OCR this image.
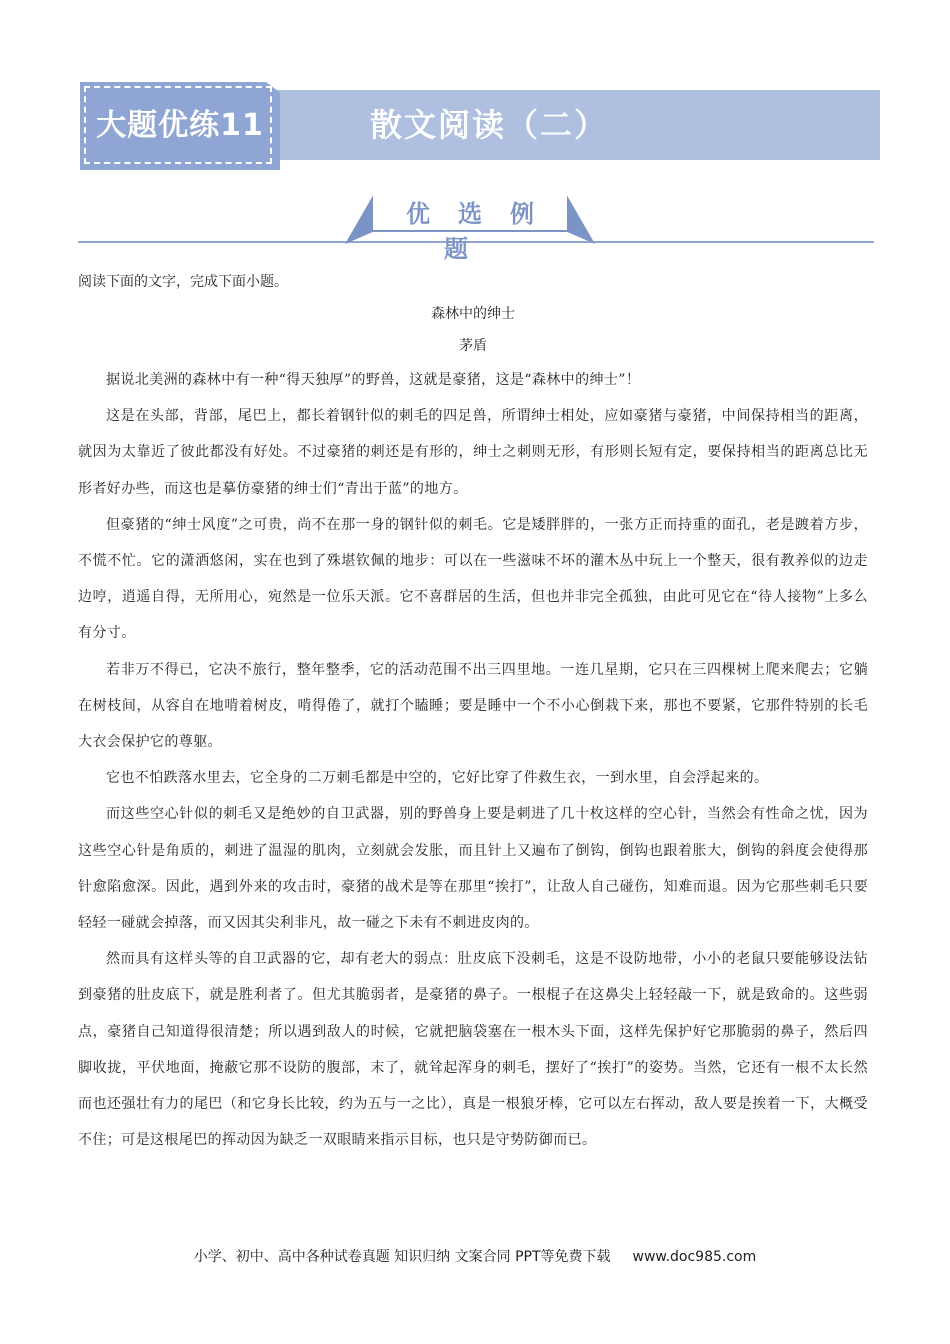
大题优练11	散文阅读（二）
优选例题

阅读下面的文字，完成下面小题。

森林中的绅士

茅盾

据说北美洲的森林中有一种“得天独厚”的野兽，这就是豪猪，这是“森林中的绅士”！

这是在头部，背部，尾巴上，都长着钢针似的刺毛的四足兽，所谓绅士相处，应如豪猪与豪猪，中间保持相当的距离，就因为太靠近了彼此都没有好处。不过豪猪的刺还是有形的，绅士之刺则无形，有形则长短有定，要保持相当的距离总比无形者好办些，而这也是摹仿豪猪的绅士们“青出于蓝”的地方。

但豪猪的“绅士风度”之可贵，尚不在那一身的钢针似的刺毛。它是矮胖胖的，一张方正而持重的面孔，老是踱着方步，不慌不忙。它的潇洒悠闲，实在也到了殊堪钦佩的地步：可以在一些滋味不坏的灌木丛中玩上一个整天，很有教养似的边走边哼，逍遥自得，无所用心，宛然是一位乐天派。它不喜群居的生活，但也并非完全孤独，由此可见它在“待人接物”上多么有分寸。

若非万不得已，它决不旅行，整年整季，它的活动范围不出三四里地。一连几星期，它只在三四棵树上爬来爬去；它躺在树枝间，从容自在地啃着树皮，啃得倦了，就打个瞌睡；要是睡中一个不小心倒栽下来，那也不要紧，它那件特别的长毛大衣会保护它的尊躯。

它也不怕跌落水里去，它全身的二万刺毛都是中空的，它好比穿了件救生衣，一到水里，自会浮起来的。

而这些空心针似的刺毛又是绝妙的自卫武器，别的野兽身上要是刺进了几十枚这样的空心针，当然会有性命之忧，因为这些空心针是角质的，刺进了温湿的肌肉，立刻就会发胀，而且针上又遍布了倒钩，倒钩也跟着胀大，倒钩的斜度会使得那针愈陷愈深。因此，遇到外来的攻击时，豪猪的战术是等在那里“挨打”，让敌人自己碰伤，知难而退。因为它那些刺毛只要轻轻一碰就会掉落，而又因其尖利非凡，故一碰之下未有不刺进皮肉的。

然而具有这样头等的自卫武器的它，却有老大的弱点：肚皮底下没刺毛，这是不设防地带，小小的老鼠只要能够设法钻到豪猪的肚皮底下，就是胜利者了。但尤其脆弱者，是豪猪的鼻子。一根棍子在这鼻尖上轻轻敲一下，就是致命的。这些弱点，豪猪自己知道得很清楚；所以遇到敌人的时候，它就把脑袋塞在一根木头下面，这样先保护好它那脆弱的鼻子，然后四脚收拢，平伏地面，掩蔽它那不设防的腹部，末了，就耸起浑身的刺毛，摆好了“挨打”的姿势。当然，它还有一根不太长然而也还强壮有力的尾巴（和它身长比较，约为五与一之比），真是一根狼牙棒，它可以左右挥动，敌人要是挨着一下，大概受不住；可是这根尾巴的挥动因为缺乏一双眼睛来指示目标，也只是守势防御而已。

小学、初中、高中各种试卷真题 知识归纳 文案合同 PPT等免费下载 www.doc985.com
